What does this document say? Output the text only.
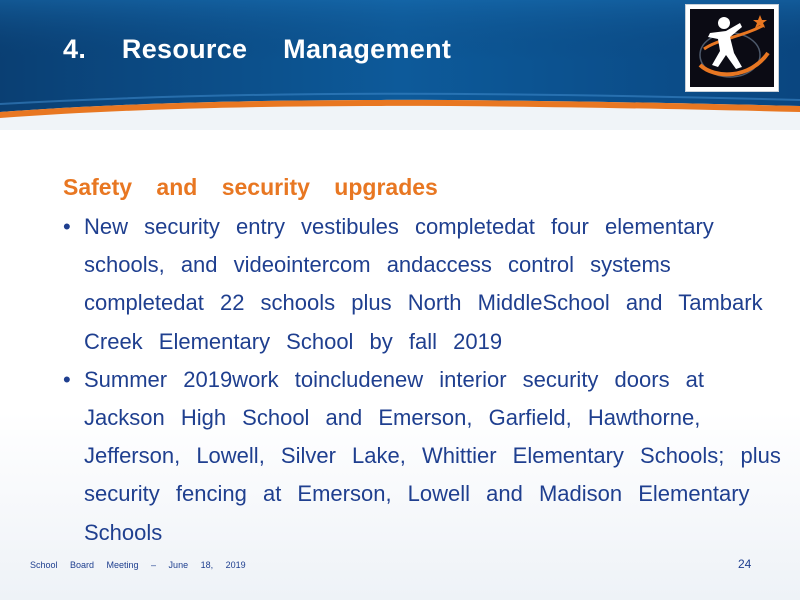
4. Resource Management
Safety and security upgrades
• New security entry vestibules completedat four elementary schools, and videointercom andaccess control systems completedat 22 schools plus North MiddleSchool and Tambark Creek Elementary School by fall 2019
• Summer 2019work toincludenew interior security doors at Jackson High School and Emerson, Garfield, Hawthorne, Jefferson, Lowell, Silver Lake, Whittier Elementary Schools; plus security fencing at Emerson, Lowell and Madison Elementary Schools
School Board Meeting – June 18, 2019	24
